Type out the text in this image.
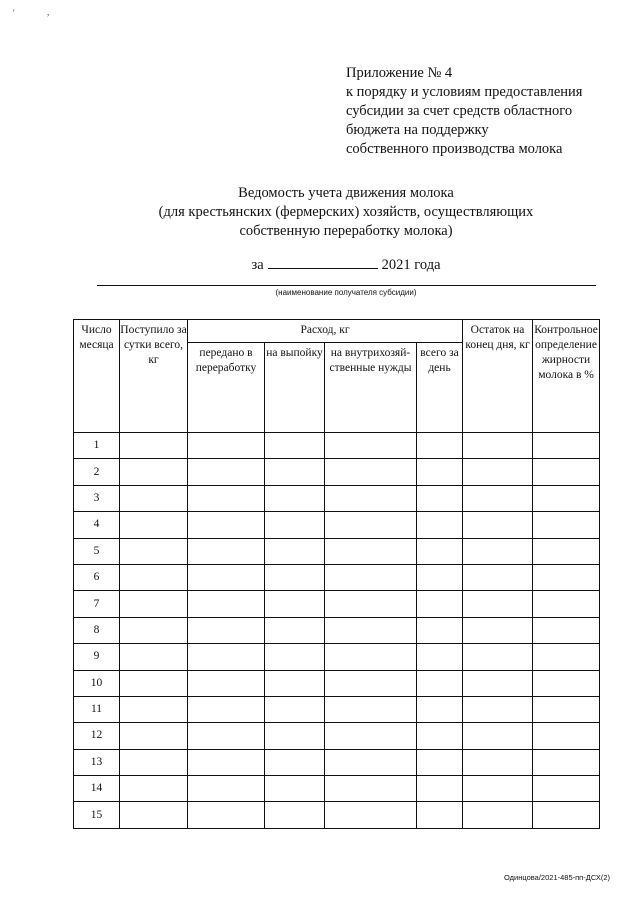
'	,
Приложение № 4
к порядку и условиям предоставления
субсидии за счет средств областного
бюджета на поддержку
собственного производства молока
Ведомость учета движения молока
(для крестьянских (фермерских) хозяйств, осуществляющих
собственную переработку молока)
за	2021 года
(наименование получателя субсидии)
Число месяца	Поступило за сутки всего, кг	Расход, кг				Остаток на конец дня, кг	Контрольное определение жирности молока в %
		передано в переработку	на выпойку	на внутрихозяй-ственные нужды	всего за день		
1							
2							
3							
4							
5							
6							
7							
8							
9							
10							
11							
12							
13							
14							
15							
Одинцова/2021-485-пп-ДСХ(2)
